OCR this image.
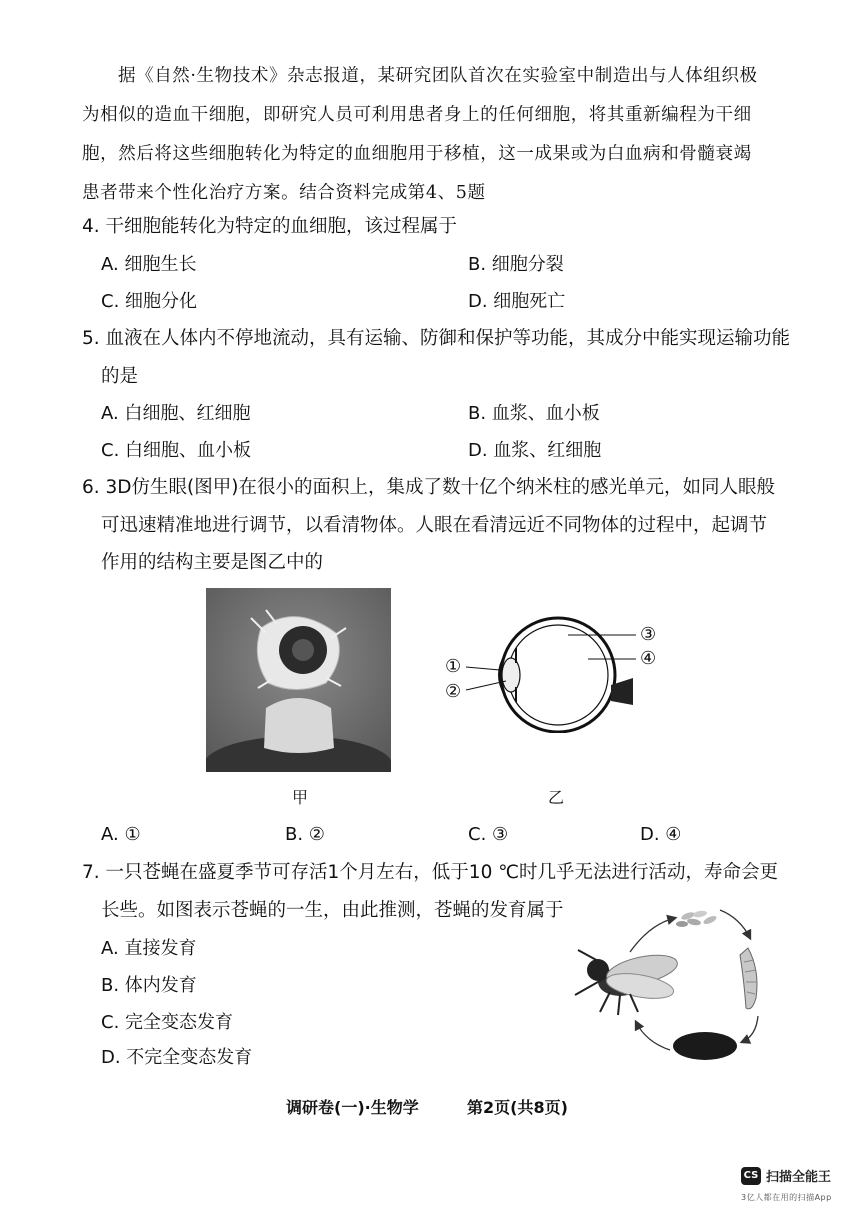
据《自然·生物技术》杂志报道，某研究团队首次在实验室中制造出与人体组织极
为相似的造血干细胞，即研究人员可利用患者身上的任何细胞，将其重新编程为干细
胞，然后将这些细胞转化为特定的血细胞用于移植，这一成果或为白血病和骨髓衰竭
患者带来个性化治疗方案。结合资料完成第4、5题
4. 干细胞能转化为特定的血细胞，该过程属于
A. 细胞生长	B. 细胞分裂
C. 细胞分化	D. 细胞死亡
5. 血液在人体内不停地流动，具有运输、防御和保护等功能，其成分中能实现运输功能
的是
A. 白细胞、红细胞	B. 血浆、血小板
C. 白细胞、血小板	D. 血浆、红细胞
6. 3D仿生眼(图甲)在很小的面积上，集成了数十亿个纳米柱的感光单元，如同人眼般
可迅速精准地进行调节，以看清物体。人眼在看清远近不同物体的过程中，起调节
作用的结构主要是图乙中的
①
②
③
④
甲	乙
A. ①	B. ②	C. ③	D. ④
7. 一只苍蝇在盛夏季节可存活1个月左右，低于10 ℃时几乎无法进行活动，寿命会更
长些。如图表示苍蝇的一生，由此推测，苍蝇的发育属于
A. 直接发育
B. 体内发育
C. 完全变态发育
D. 不完全变态发育
调研卷(一)·生物学	第2页(共8页)
CS 扫描全能王
3亿人都在用的扫描App
